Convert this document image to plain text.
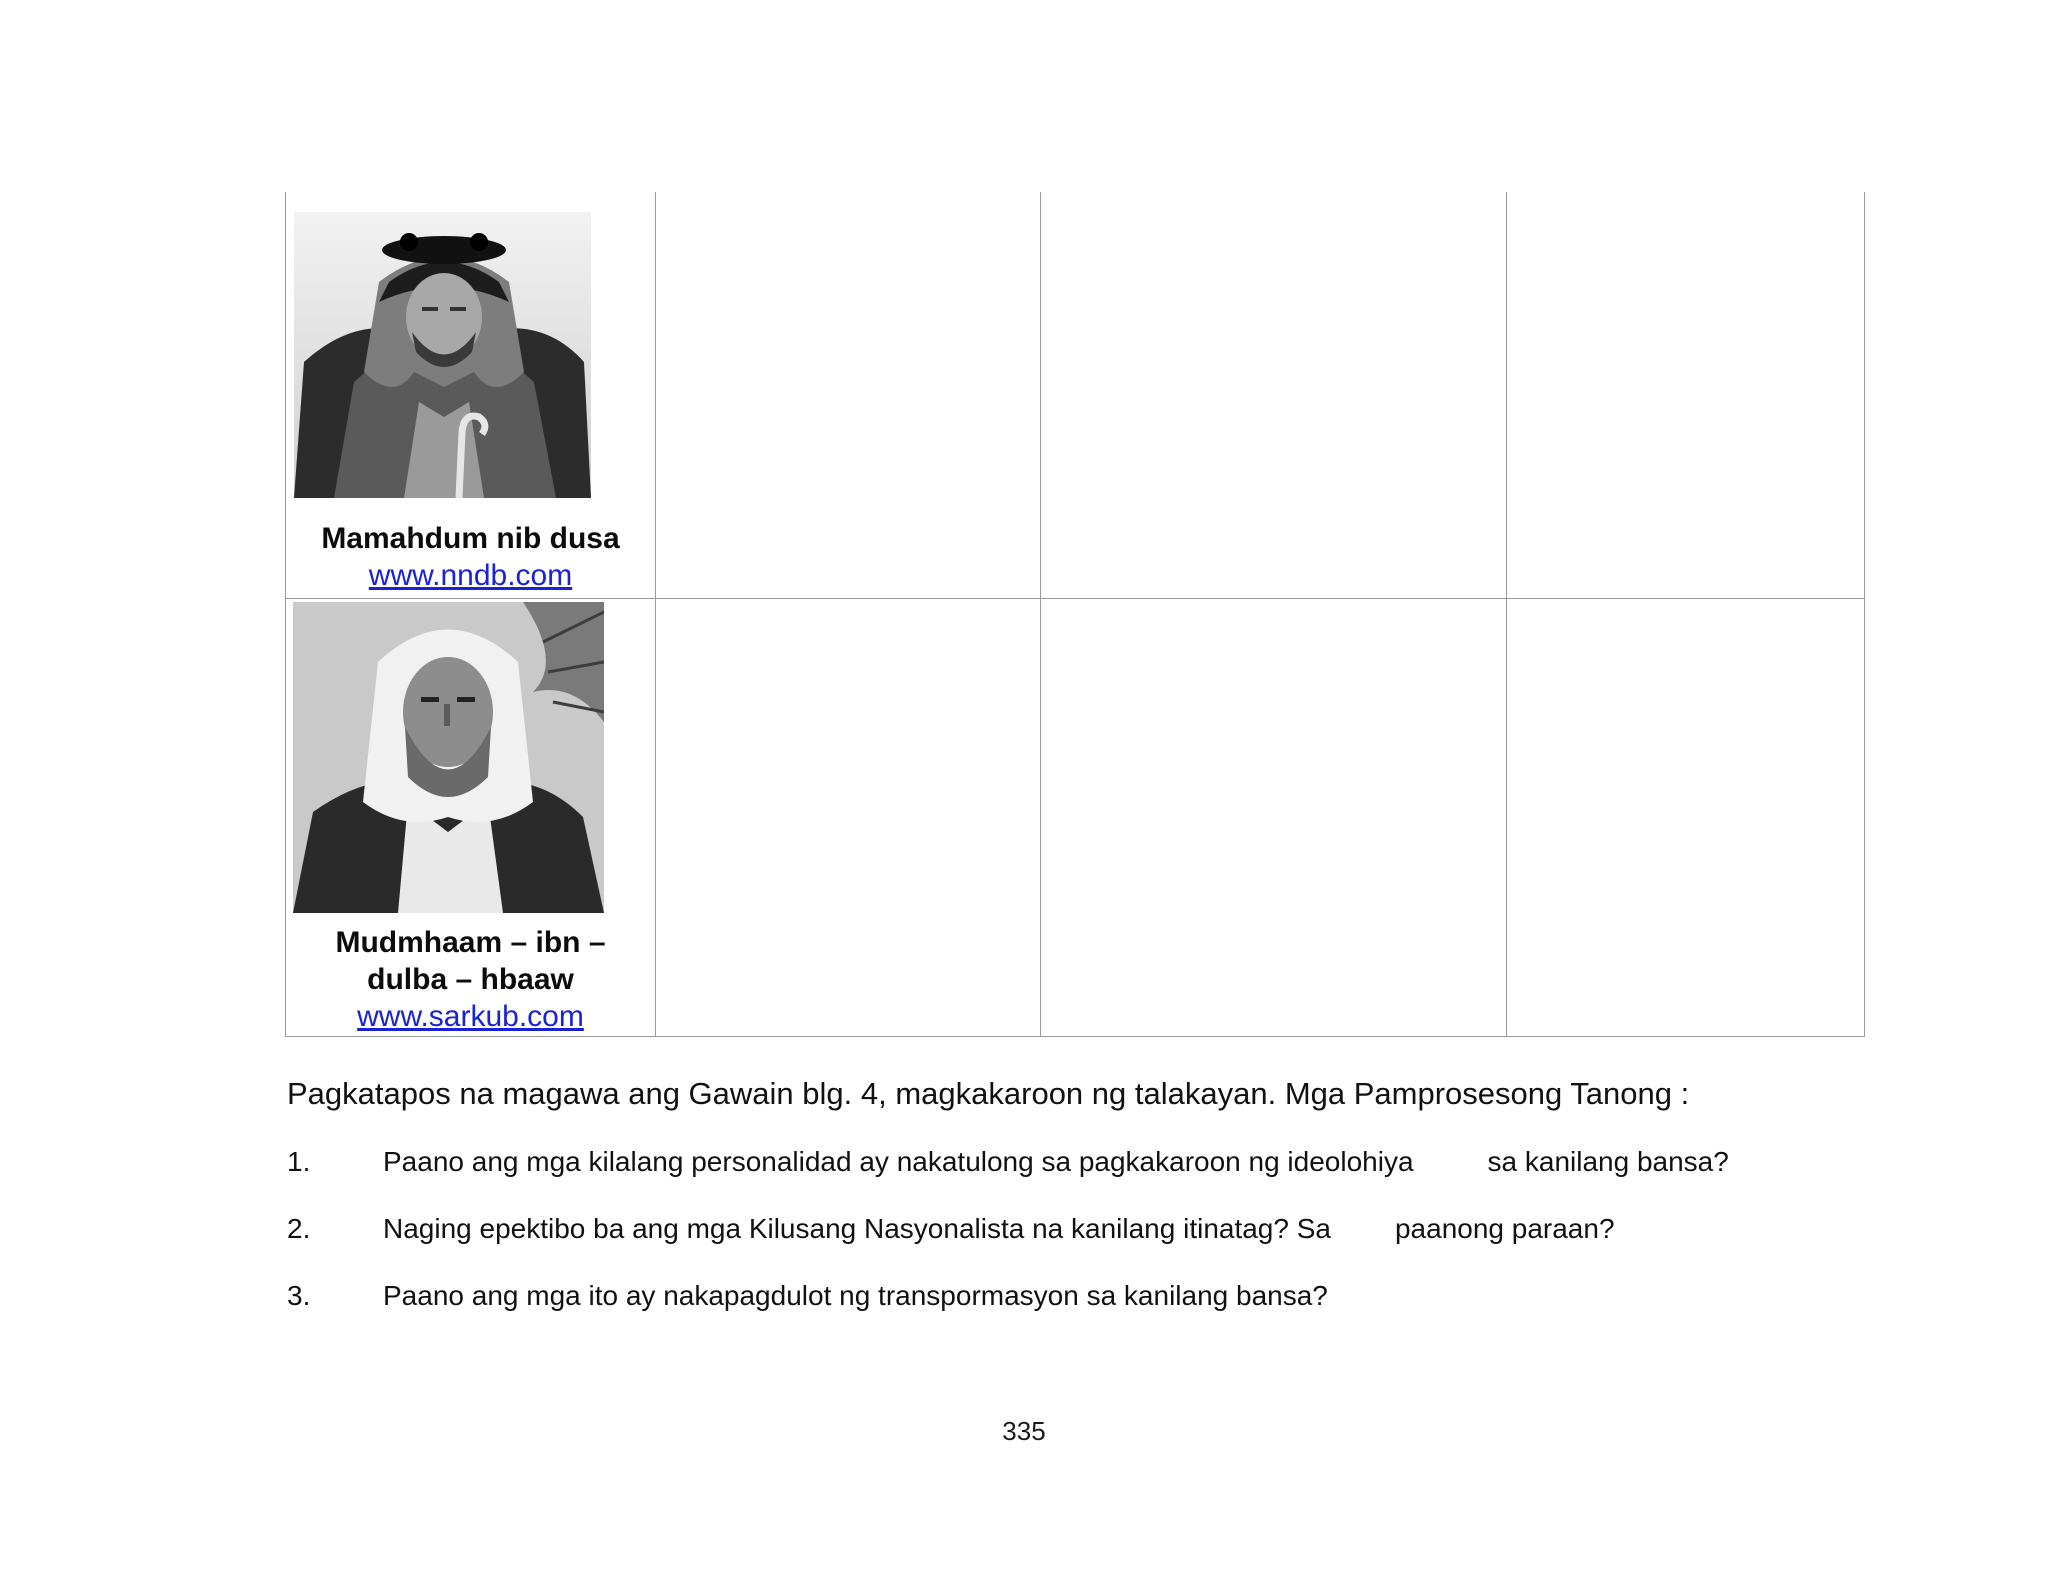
Mamahdum nib dusa
www.nndb.com
Mudmhaam – ibn –
dulba – hbaaw
www.sarkub.com
Pagkatapos na magawa ang Gawain blg. 4, magkakaroon ng talakayan. Mga Pamprosesong Tanong :
1.	Paano ang mga kilalang personalidad ay nakatulong sa pagkakaroon ng ideolohiya	sa kanilang bansa?
2.	Naging epektibo ba ang mga Kilusang Nasyonalista na kanilang itinatag? Sa paanong paraan?
3.	Paano ang mga ito ay nakapagdulot ng transpormasyon sa kanilang bansa?
335
